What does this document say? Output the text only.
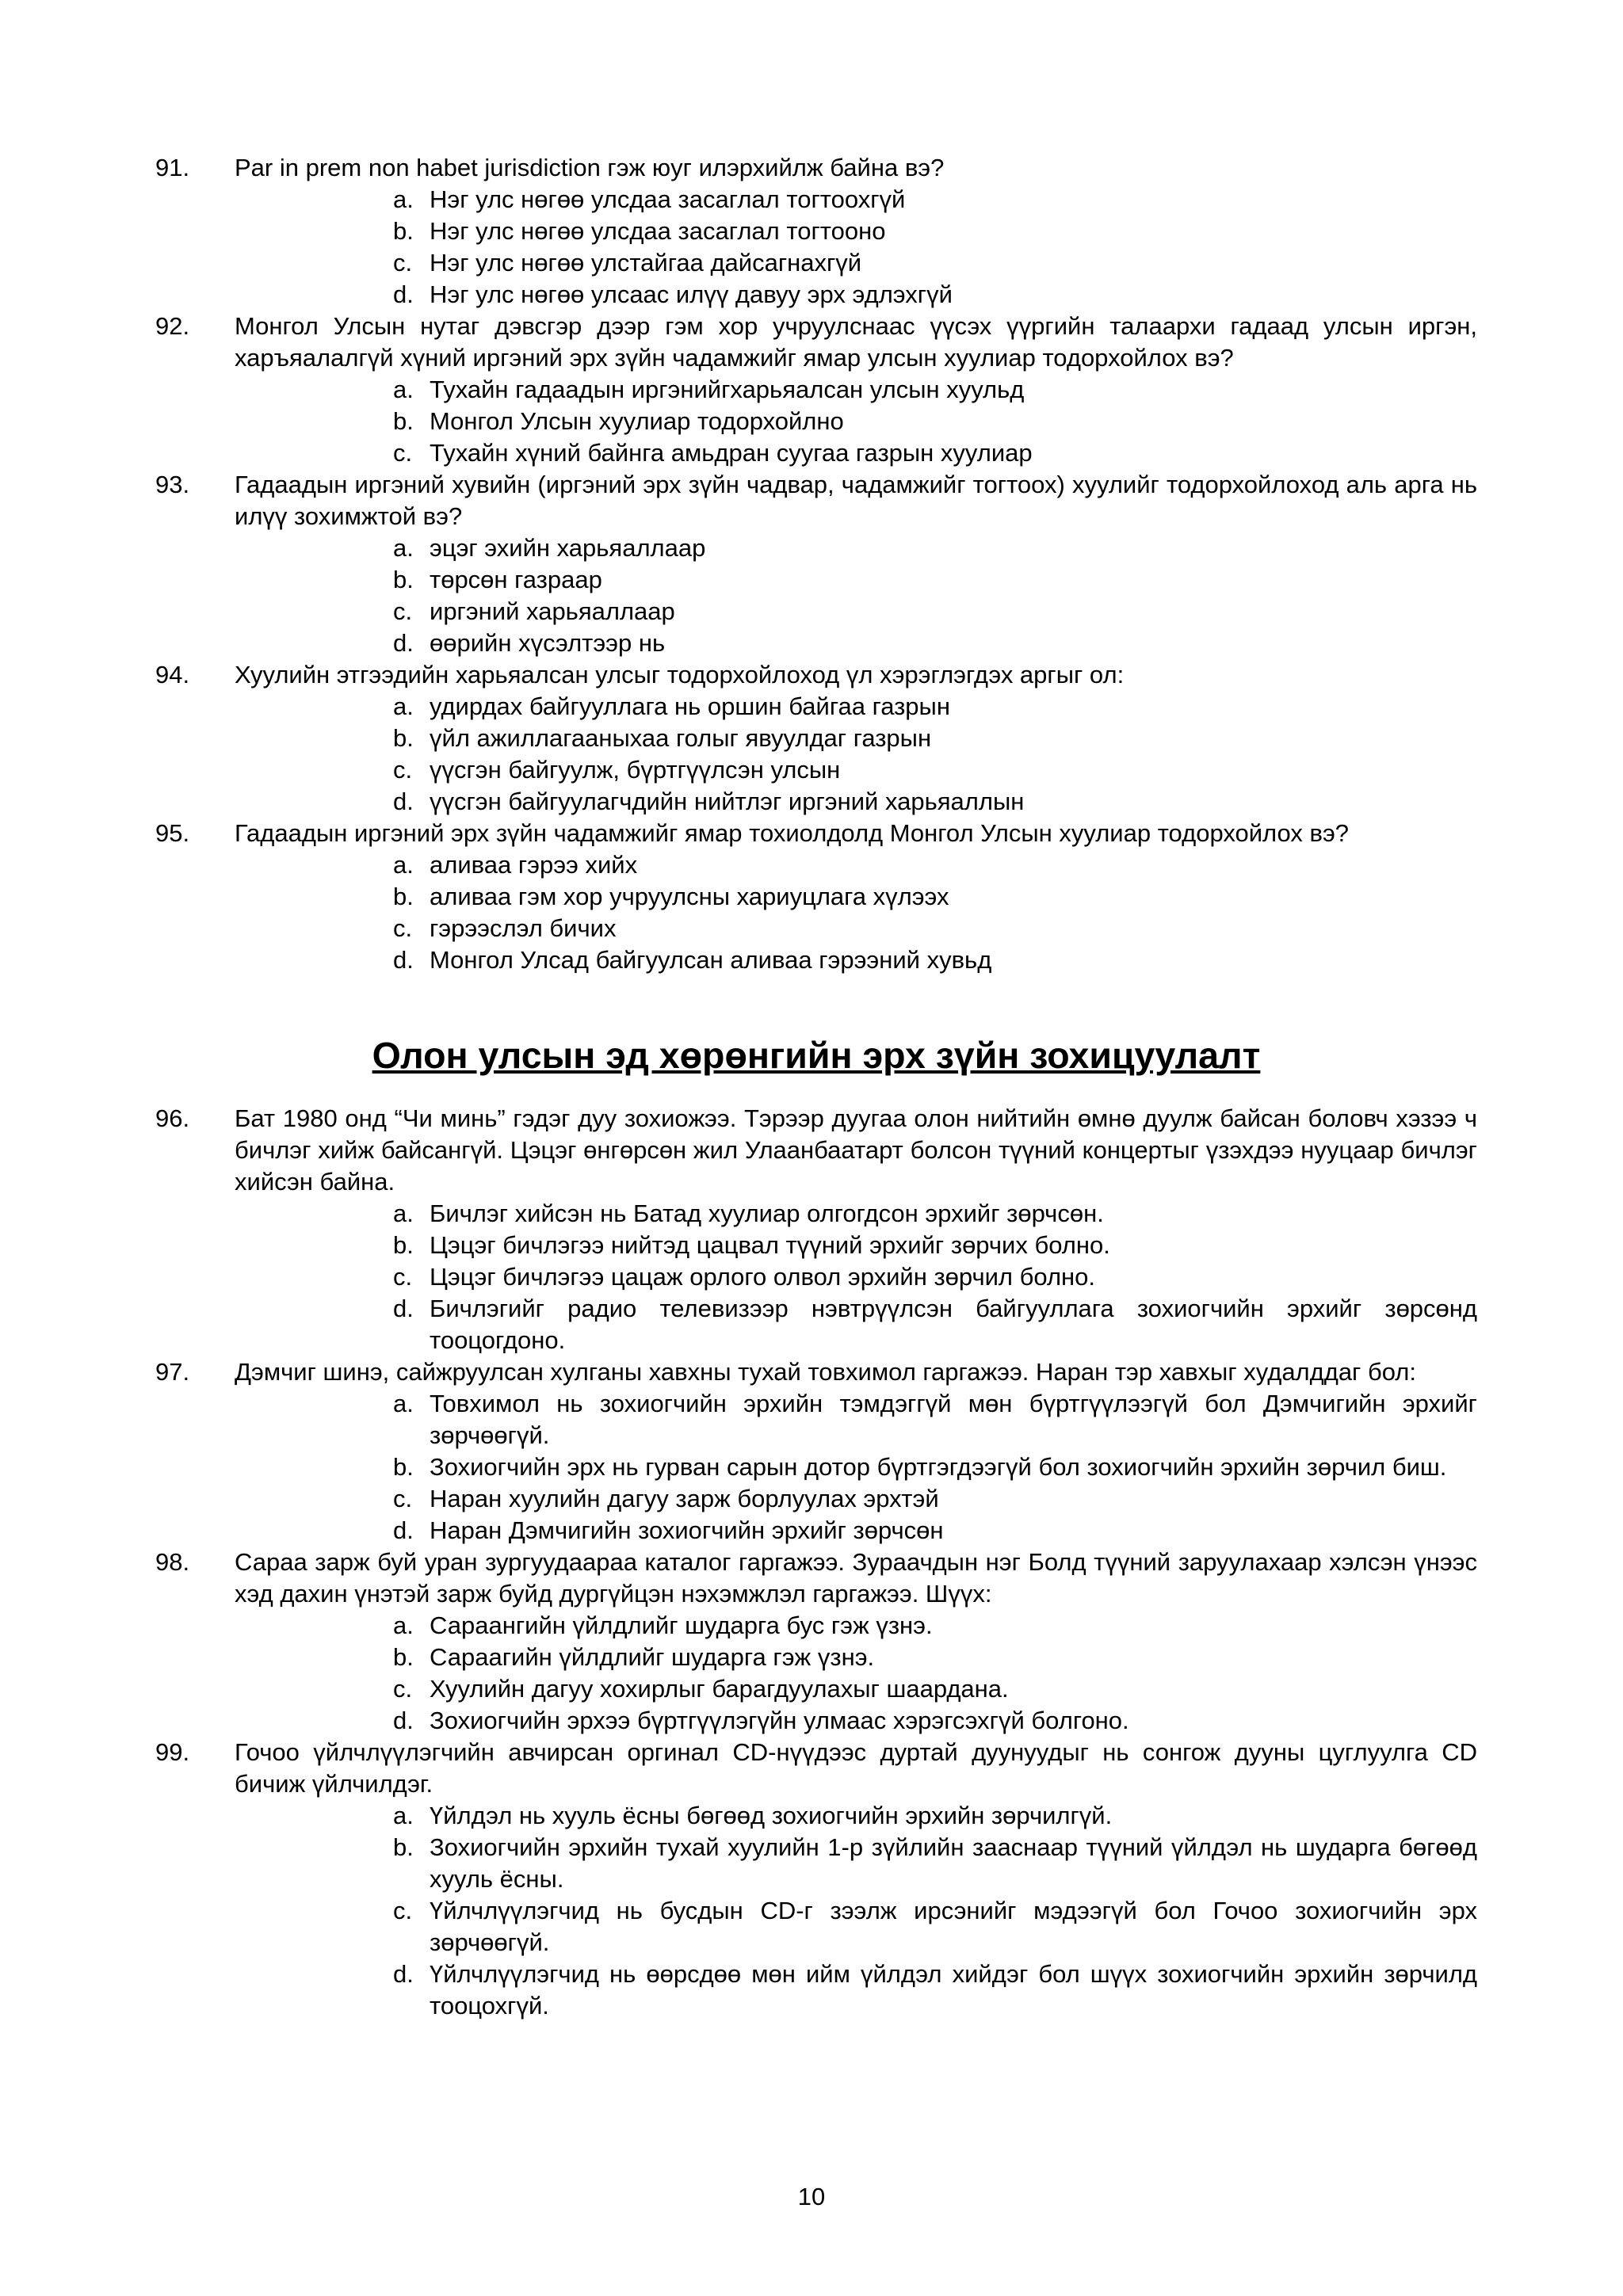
91.	Par in prem non habet jurisdiction гэж юуг илэрхийлж байна вэ?
a. Нэг улс нөгөө улсдаа засаглал тогтоохгүй
b. Нэг улс нөгөө улсдаа засаглал тогтооно
c. Нэг улс нөгөө улстайгаа дайсагнахгүй
d. Нэг улс нөгөө улсаас илүү давуу эрх эдлэхгүй
92.	Монгол Улсын нутаг дэвсгэр дээр гэм хор учруулснаас үүсэх үүргийн талаархи гадаад улсын иргэн, харъяалалгүй хүний иргэний эрх зүйн чадамжийг ямар улсын хуулиар тодорхойлох вэ?
a. Тухайн гадаадын иргэнийгхарьяалсан улсын хуульд
b. Монгол Улсын хуулиар тодорхойлно
c. Тухайн хүний байнга амьдран суугаа газрын хуулиар
93.	Гадаадын иргэний хувийн (иргэний эрх зүйн чадвар, чадамжийг тогтоох) хуулийг тодорхойлоход аль арга нь илүү зохимжтой вэ?
a. эцэг эхийн харьяаллаар
b. төрсөн газраар
c. иргэний харьяаллаар
d. өөрийн хүсэлтээр нь
94.	Хуулийн этгээдийн харьяалсан улсыг тодорхойлоход үл хэрэглэгдэх аргыг ол:
a. удирдах байгууллага нь оршин байгаа газрын
b. үйл ажиллагааныхаа голыг явуулдаг газрын
c. үүсгэн байгуулж, бүртгүүлсэн улсын
d. үүсгэн байгуулагчдийн нийтлэг иргэний харьяаллын
95.	Гадаадын иргэний эрх зүйн чадамжийг ямар тохиолдолд Монгол Улсын хуулиар тодорхойлох вэ?
a. аливаа гэрээ хийх
b. аливаа гэм хор учруулсны хариуцлага хүлээх
c. гэрээслэл бичих
d. Монгол Улсад байгуулсан аливаа гэрээний хувьд
Олон улсын эд хөрөнгийн эрх зүйн зохицуулалт
96.	Бат 1980 онд “Чи минь” гэдэг дуу зохиожээ. Тэрээр дуугаа олон нийтийн өмнө дуулж байсан боловч хэзээ ч бичлэг хийж байсангүй. Цэцэг өнгөрсөн жил Улаанбаатарт болсон түүний концертыг үзэхдээ нууцаар бичлэг хийсэн байна.
a. Бичлэг хийсэн нь Батад хуулиар олгогдсон эрхийг зөрчсөн.
b. Цэцэг бичлэгээ нийтэд цацвал түүний эрхийг зөрчих болно.
c. Цэцэг бичлэгээ цацаж орлого олвол эрхийн зөрчил болно.
d. Бичлэгийг радио телевизээр нэвтрүүлсэн байгууллага зохиогчийн эрхийг зөрсөнд тооцогдоно.
97.	Дэмчиг шинэ, сайжруулсан хулганы хавхны тухай товхимол гаргажээ. Наран тэр хавхыг худалддаг бол:
a. Товхимол нь зохиогчийн эрхийн тэмдэггүй мөн бүртгүүлээгүй бол Дэмчигийн эрхийг зөрчөөгүй.
b. Зохиогчийн эрх нь гурван сарын дотор бүртгэгдээгүй бол зохиогчийн эрхийн зөрчил биш.
c. Наран хуулийн дагуу зарж борлуулах эрхтэй
d. Наран Дэмчигийн зохиогчийн эрхийг зөрчсөн
98.	Сараа зарж буй уран зургуудаараа каталог гаргажээ. Зураачдын нэг Болд түүний заруулахаар хэлсэн үнээс хэд дахин үнэтэй зарж буйд дургүйцэн нэхэмжлэл гаргажээ. Шүүх:
a. Сараангийн үйлдлийг шударга бус гэж үзнэ.
b. Сараагийн үйлдлийг шударга гэж үзнэ.
c. Хуулийн дагуу хохирлыг барагдуулахыг шаардана.
d. Зохиогчийн эрхээ бүртгүүлэгүйн улмаас хэрэгсэхгүй болгоно.
99.	Гочоо үйлчлүүлэгчийн авчирсан оргинал CD-нүүдээс дуртай дуунуудыг нь сонгож дууны цуглуулга CD бичиж үйлчилдэг.
a. Үйлдэл нь хууль ёсны бөгөөд зохиогчийн эрхийн зөрчилгүй.
b. Зохиогчийн эрхийн тухай хуулийн 1-р зүйлийн зааснаар түүний үйлдэл нь шударга бөгөөд хууль ёсны.
c. Үйлчлүүлэгчид нь бусдын CD-г зээлж ирсэнийг мэдээгүй бол Гочоо зохиогчийн эрх зөрчөөгүй.
d. Үйлчлүүлэгчид нь өөрсдөө мөн ийм үйлдэл хийдэг бол шүүх зохиогчийн эрхийн зөрчилд тооцохгүй.
10
